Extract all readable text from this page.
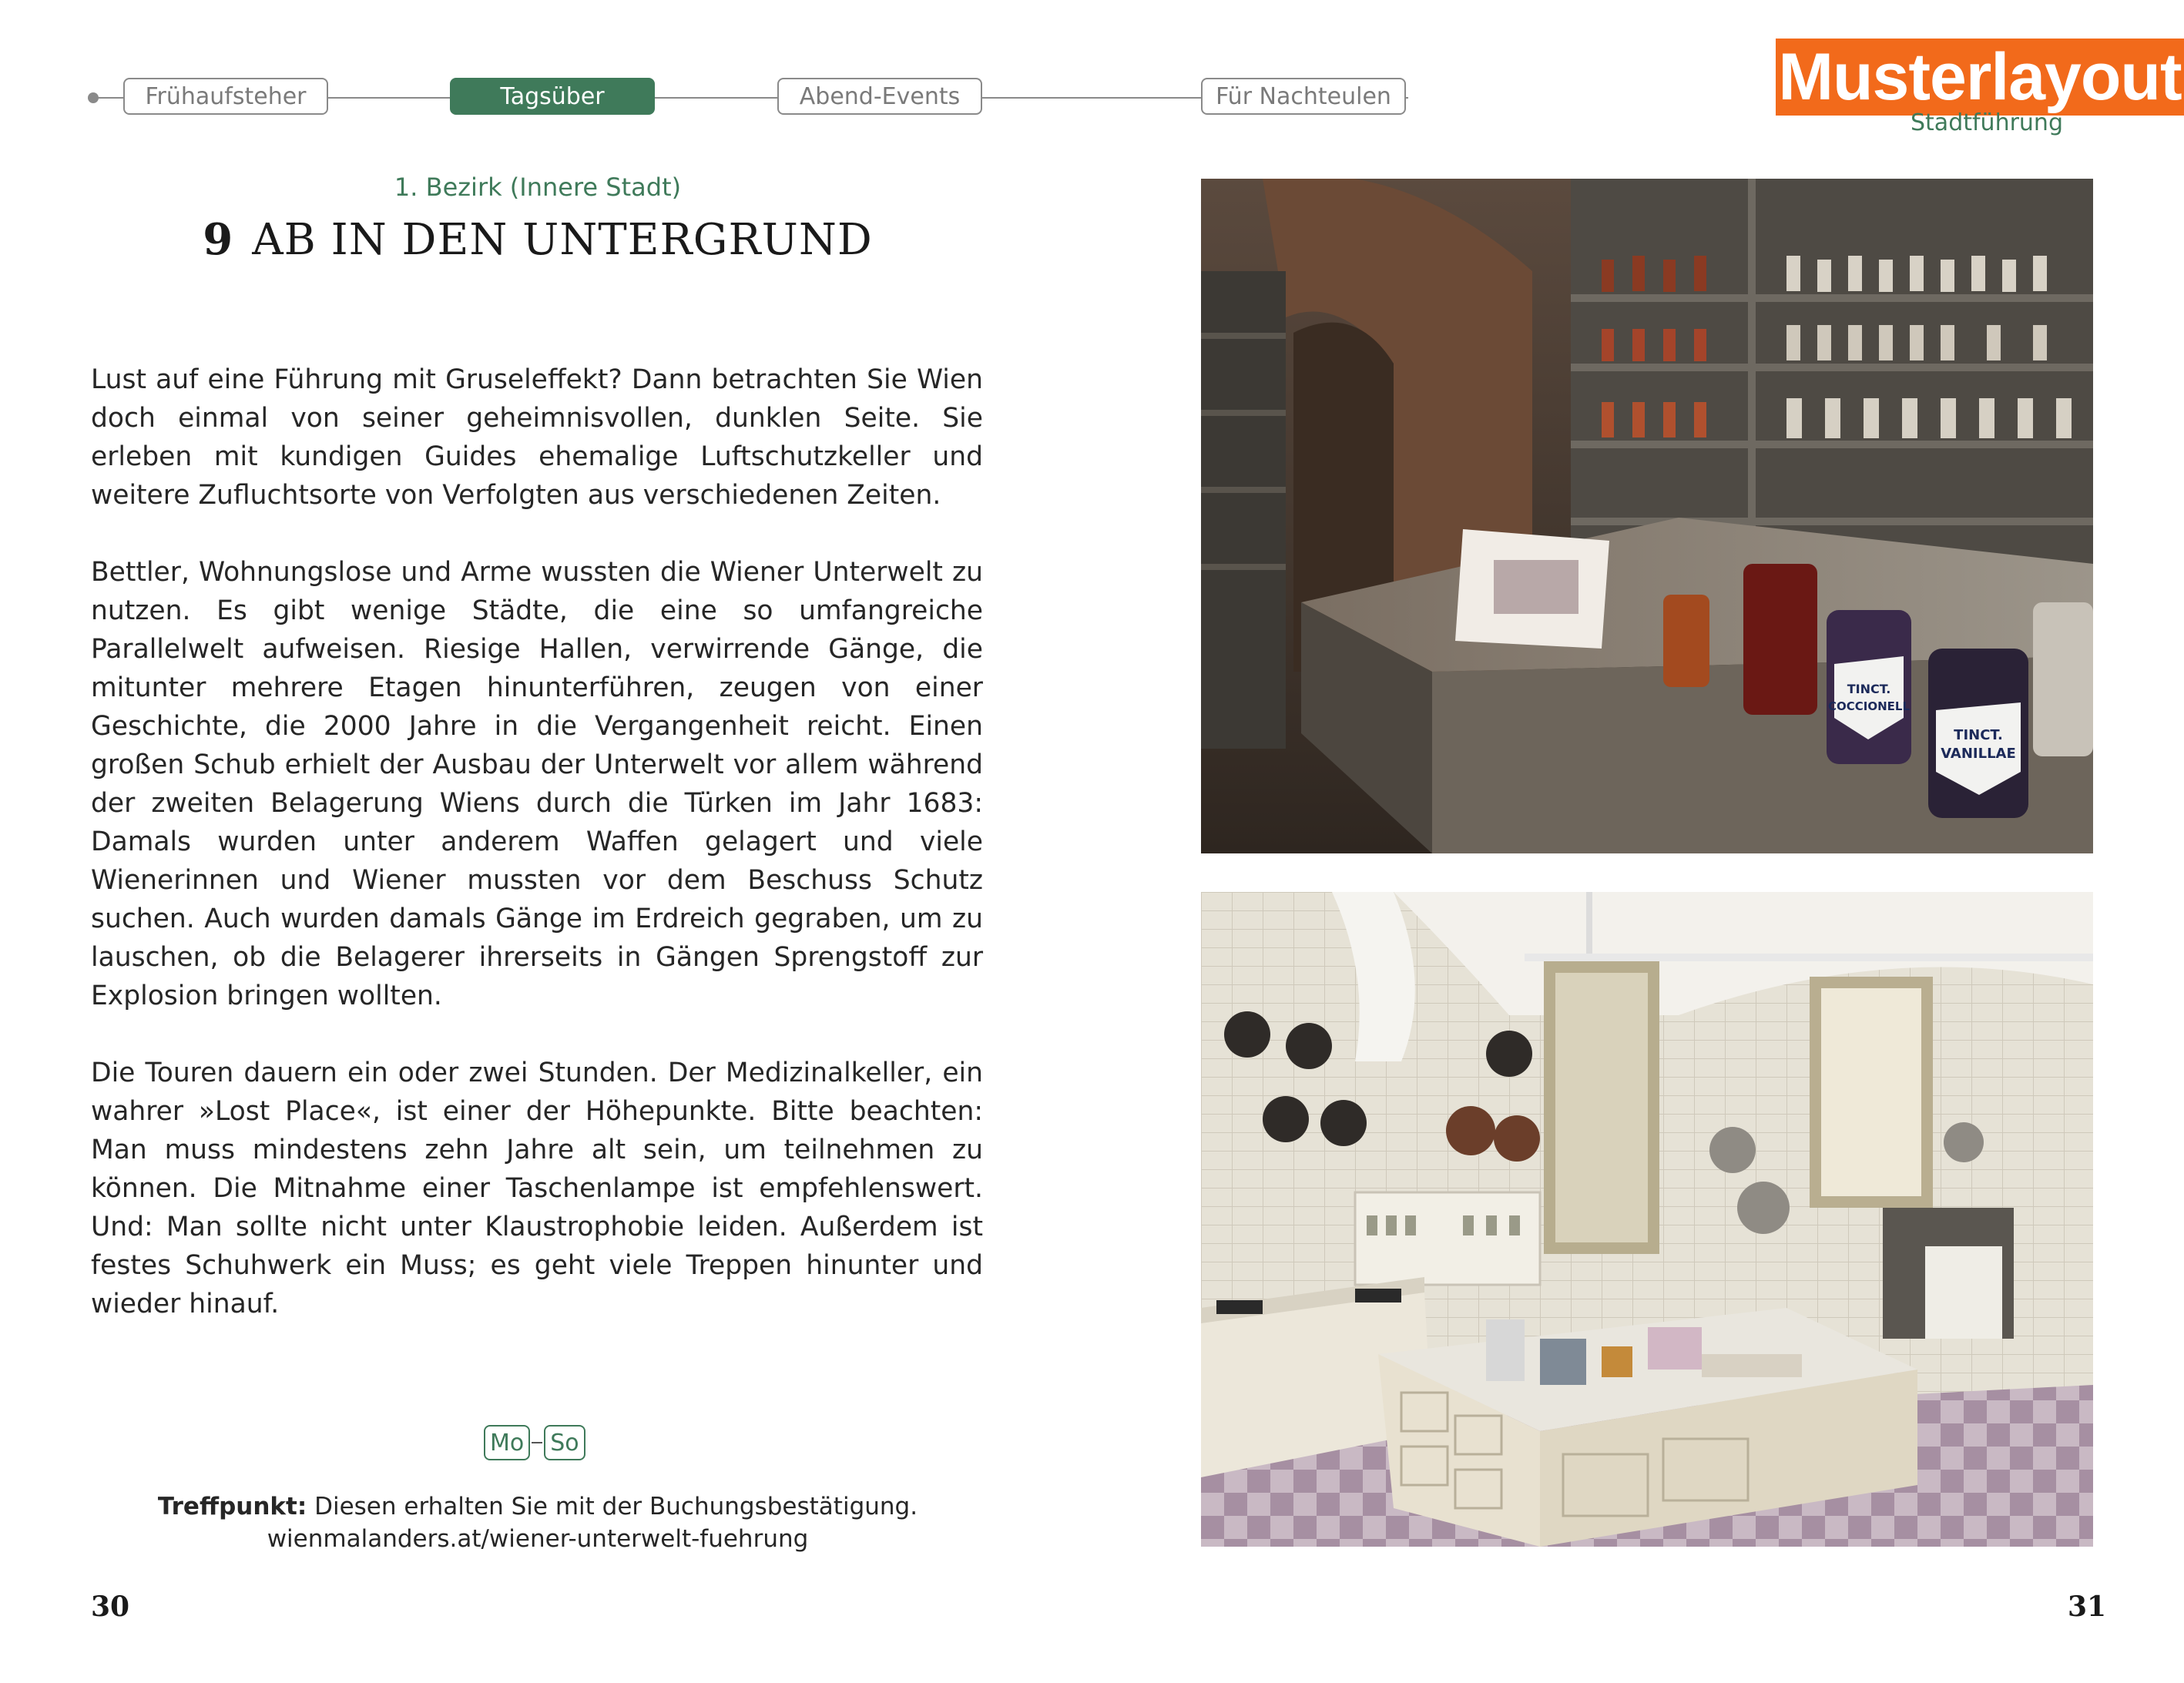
Frühaufsteher	Tagsüber	Abend-Events	Für Nachteulen	Musterlayout
Stadtführung
1. Bezirk (Innere Stadt)
9 AB IN DEN UNTERGRUND

Lust auf eine Führung mit Gruseleffekt? Dann betrachten Sie Wien doch einmal von seiner geheimnisvollen, dunklen Seite. Sie erleben mit kundigen Guides ehemalige Luftschutzkeller und weitere Zufluchtsorte von Verfolgten aus verschiedenen Zeiten.

Bettler, Wohnungslose und Arme wussten die Wiener Unterwelt zu nutzen. Es gibt wenige Städte, die eine so umfangreiche Parallelwelt aufweisen. Riesige Hallen, verwirrende Gänge, die mitunter mehrere Etagen hinunterführen, zeugen von einer Geschichte, die 2000 Jahre in die Vergangenheit reicht. Einen großen Schub erhielt der Ausbau der Unterwelt vor allem während der zweiten Belagerung Wiens durch die Türken im Jahr 1683: Damals wurden unter anderem Waffen gelagert und viele Wienerinnen und Wiener mussten vor dem Beschuss Schutz suchen. Auch wurden damals Gänge im Erdreich gegraben, um zu lauschen, ob die Belagerer ihrerseits in Gängen Sprengstoff zur Explosion bringen wollten.

Die Touren dauern ein oder zwei Stunden. Der Medizinalkeller, ein wahrer »Lost Place«, ist einer der Höhepunkte. Bitte beachten: Man muss mindestens zehn Jahre alt sein, um teilnehmen zu können. Die Mitnahme einer Taschenlampe ist empfehlenswert. Und: Man sollte nicht unter Klaustrophobie leiden. Außerdem ist festes Schuhwerk ein Muss; es geht viele Treppen hinunter und wieder hinauf.

Mo So
Treffpunkt: Diesen erhalten Sie mit der Buchungsbestätigung.
wienmalanders.at/wiener-unterwelt-fuehrung
30	31
TINCT.
COCCIONELL
TINCT.
VANILLAE
